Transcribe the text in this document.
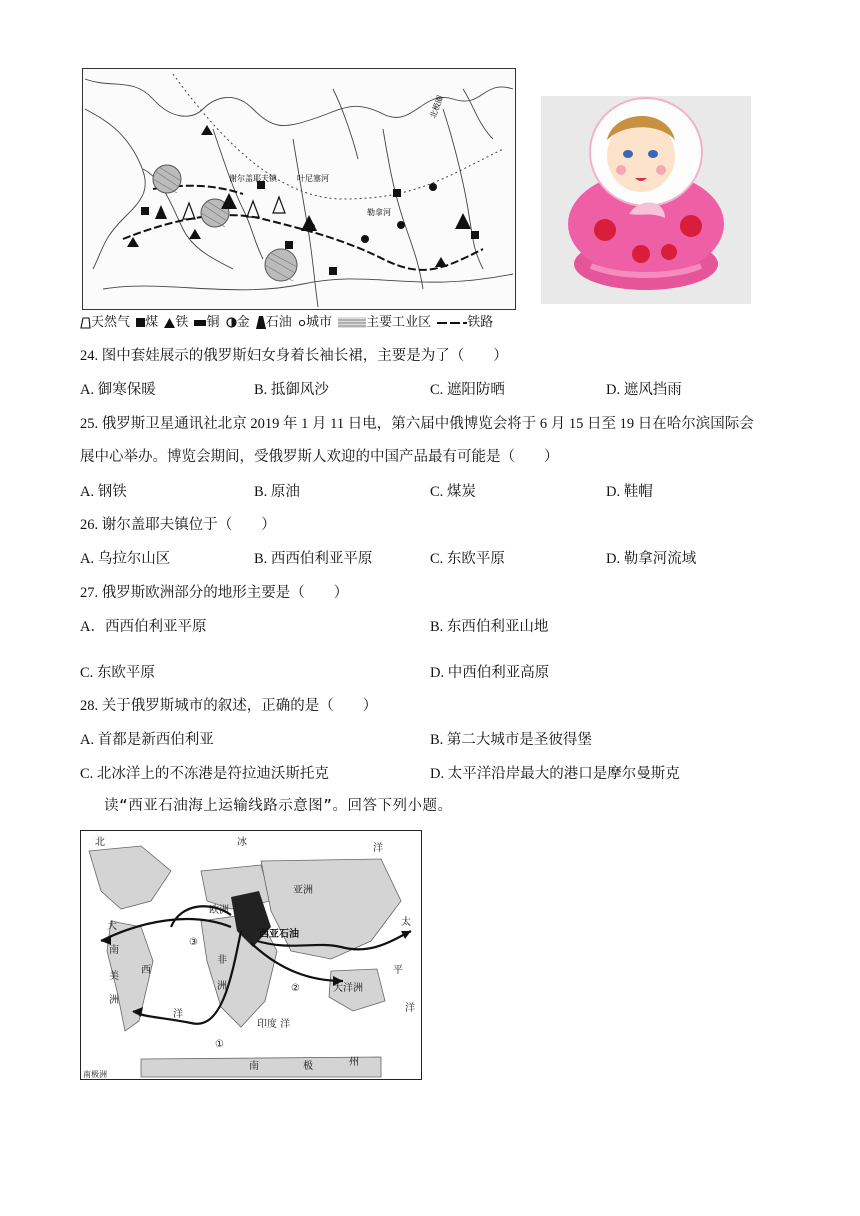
谢尔盖耶夫镇	叶尼塞河
勒拿河
北极圈
天然气 煤 铁 铜 金 石油 城市	主要工业区	铁路
24. 图中套娃展示的俄罗斯妇女身着长袖长裙，主要是为了（　　）
A. 御寒保暖	B. 抵御风沙	C. 遮阳防晒	D. 遮风挡雨
25. 俄罗斯卫星通讯社北京 2019 年 1 月 11 日电，第六届中俄博览会将于 6 月 15 日至 19 日在哈尔滨国际会
展中心举办。博览会期间，受俄罗斯人欢迎的中国产品最有可能是（　　）
A. 钢铁	B. 原油	C. 煤炭	D. 鞋帽
26. 谢尔盖耶夫镇位于（　　）
A. 乌拉尔山区	B. 西西伯利亚平原	C. 东欧平原	D. 勒拿河流域
27. 俄罗斯欧洲部分的地形主要是（　　）
A．西西伯利亚平原	B. 东西伯利亚山地
C. 东欧平原	D. 中西伯利亚高原
28. 关于俄罗斯城市的叙述，正确的是（　　）
A. 首都是新西伯利亚	B. 第二大城市是圣彼得堡
C. 北冰洋上的不冻港是符拉迪沃斯托克	D. 太平洋沿岸最大的港口是摩尔曼斯克
读“西亚石油海上运输线路示意图”。回答下列小题。
北	冰
洋
欧洲
亚洲
大
西
洋
太
平
洋
非
洲
南
美
洲
西亚石油
大洋洲
印度 洋
南	极	州
①
②
③
南极洲
